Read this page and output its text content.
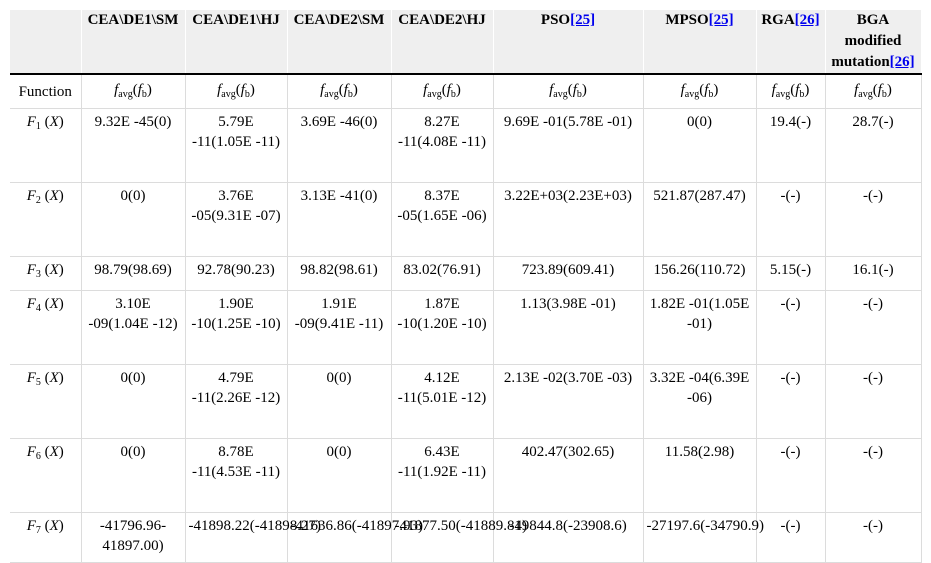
	CEA\DE1\SM	CEA\DE1\HJ	CEA\DE2\SM	CEA\DE2\HJ	PSO[25]	MPSO[25]	RGA[26]	BGA modified mutation[26]
Function	$f_{avg}(f_b)$	$f_{avg}(f_b)$	$f_{avg}(f_b)$	$f_{avg}(f_b)$	$f_{avg}(f_b)$	$f_{avg}(f_b)$	$f_{avg}(f_b)$	$f_{avg}(f_b)$
$F_1$ (X)	9.32E -45(0)	5.79E -11(1.05E -11)	3.69E -46(0)	8.27E -11(4.08E -11)	9.69E -01(5.78E -01)	0(0)	19.4(-)	28.7(-)
$F_2$ (X)	0(0)	3.76E -05(9.31E -07)	3.13E -41(0)	8.37E -05(1.65E -06)	3.22E+03(2.23E+03)	521.87(287.47)	-(-)	-(-)
$F_3$ (X)	98.79(98.69)	92.78(90.23)	98.82(98.61)	83.02(76.91)	723.89(609.41)	156.26(110.72)	5.15(-)	16.1(-)
$F_4$ (X)	3.10E -09(1.04E -12)	1.90E -10(1.25E -10)	1.91E -09(9.41E -11)	1.87E -10(1.20E -10)	1.13(3.98E -01)	1.82E -01(1.05E -01)	-(-)	-(-)
$F_5$ (X)	0(0)	4.79E -11(2.26E -12)	0(0)	4.12E -11(5.01E -12)	2.13E -02(3.70E -03)	3.32E -04(6.39E -06)	-(-)	-(-)
$F_6$ (X)	0(0)	8.78E -11(4.53E -11)	0(0)	6.43E -11(1.92E -11)	402.47(302.65)	11.58(2.98)	-(-)	-(-)
$F_7$ (X)	-41796.96-41897.00)	-41898.22(-41898.27)	-41636.86(-41897.93)	-41877.50(-41889.84)	-19844.8(-23908.6)	-27197.6(-34790.9)	-(-)	-(-)
